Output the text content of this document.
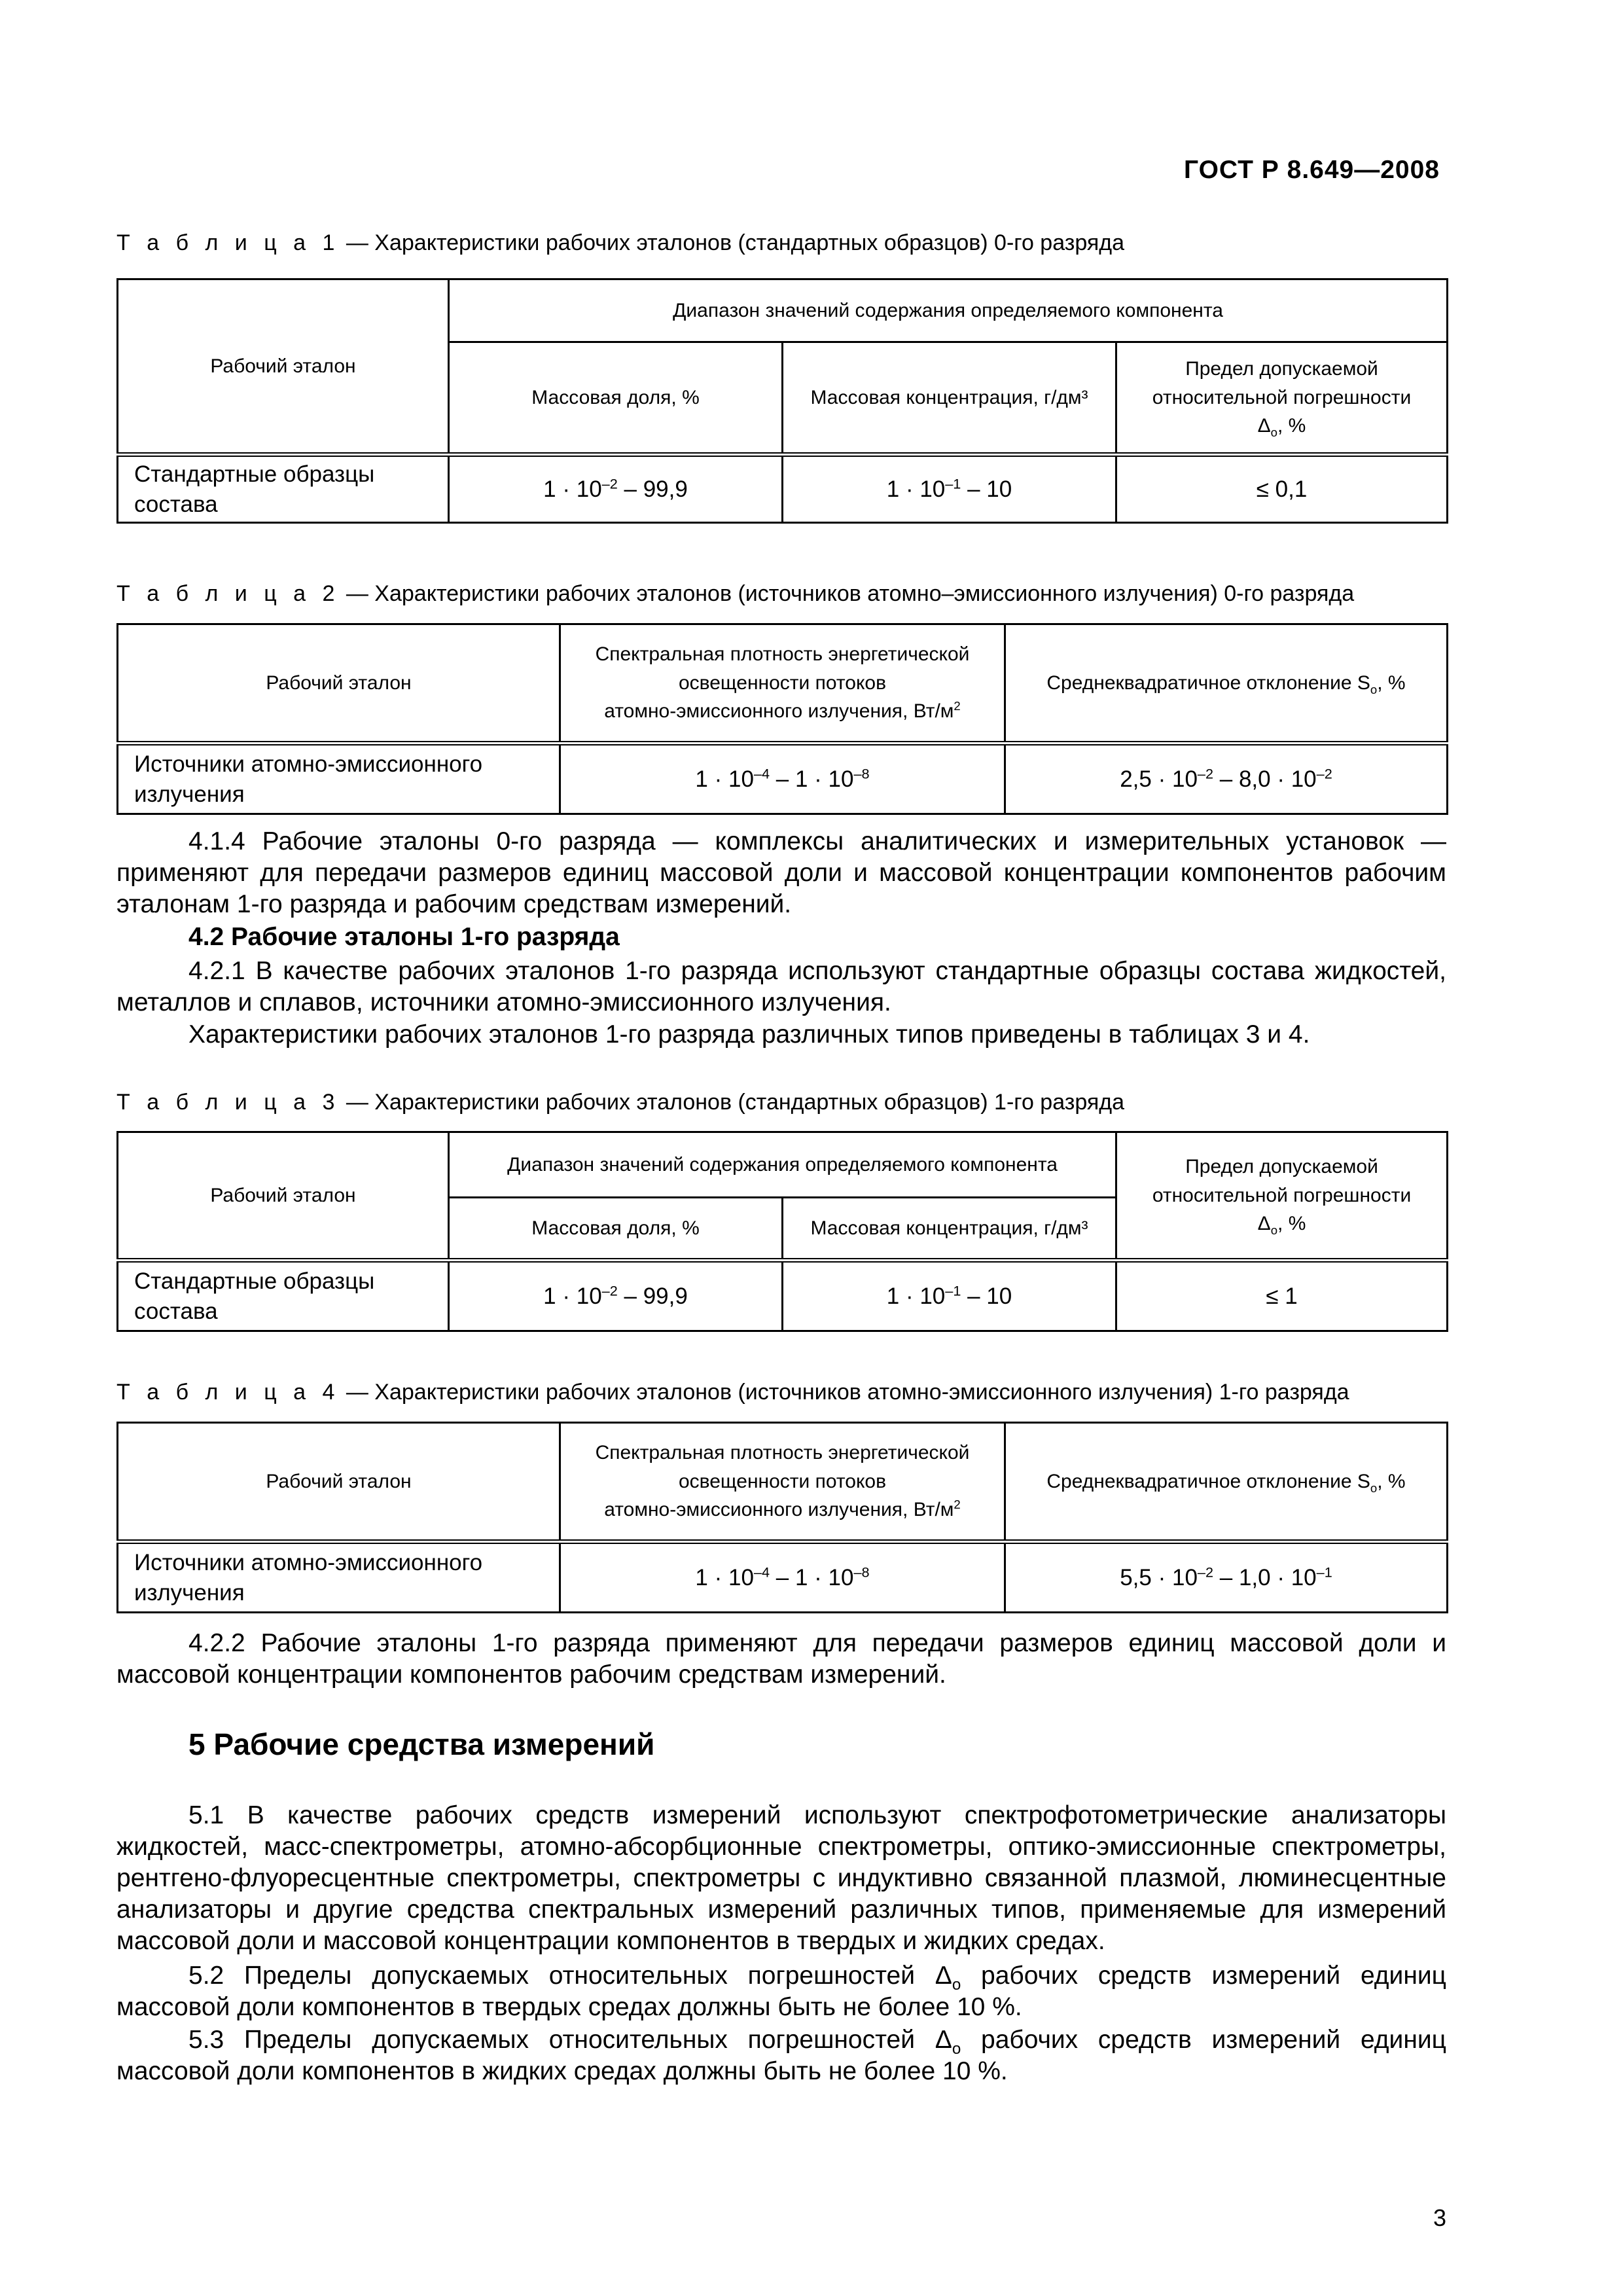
ГОСТ Р 8.649—2008
Т а б л и ц а 1 — Характеристики рабочих эталонов (стандартных образцов) 0-го разряда
Рабочий эталон	Диапазон значений содержания определяемого компонента		
	Массовая доля, %	Массовая концентрация, г/дм³	Предел допускаемой
относительной погрешности
$\Delta_о$, %
Стандартные образцы состава	$1 \cdot 10^{-2} - 99,9$	$1 \cdot 10^{-1} - 10$	≤ 0,1
Т а б л и ц а 2 — Характеристики рабочих эталонов (источников атомно–эмиссионного излучения) 0-го разряда
Рабочий эталон	Спектральная плотность энергетической
освещенности потоков
атомно-эмиссионного излучения, $Вт/м^2$	Среднеквадратичное отклонение $S_о$, %
Источники атомно-эмиссионного излучения	$1 \cdot 10^{-4} - 1 \cdot 10^{-8}$	$2,5 \cdot 10^{-2} - 8,0 \cdot 10^{-2}$
4.1.4 Рабочие эталоны 0-го разряда — комплексы аналитических и измерительных установок — применяют для передачи размеров единиц массовой доли и массовой концентрации компонентов рабочим эталонам 1-го разряда и рабочим средствам измерений.
4.2 Рабочие эталоны 1-го разряда
4.2.1 В качестве рабочих эталонов 1-го разряда используют стандартные образцы состава жидкостей, металлов и сплавов, источники атомно-эмиссионного излучения.
Характеристики рабочих эталонов 1-го разряда различных типов приведены в таблицах 3 и 4.
Т а б л и ц а 3 — Характеристики рабочих эталонов (стандартных образцов) 1-го разряда
Рабочий эталон	Диапазон значений содержания определяемого компонента		Предел допускаемой
относительной погрешности
$\Delta_о$, %
	Массовая доля, %	Массовая концентрация, г/дм³	
Стандартные образцы состава	$1 \cdot 10^{-2} - 99,9$	$1 \cdot 10^{-1} - 10$	≤ 1
Т а б л и ц а 4 — Характеристики рабочих эталонов (источников атомно-эмиссионного излучения) 1-го разряда
Рабочий эталон	Спектральная плотность энергетической
освещенности потоков
атомно-эмиссионного излучения, $Вт/м^2$	Среднеквадратичное отклонение $S_о$, %
Источники атомно-эмиссионного излучения	$1 \cdot 10^{-4} - 1 \cdot 10^{-8}$	$5,5 \cdot 10^{-2} - 1,0 \cdot 10^{-1}$
4.2.2 Рабочие эталоны 1-го разряда применяют для передачи размеров единиц массовой доли и массовой концентрации компонентов рабочим средствам измерений.
5 Рабочие средства измерений
5.1 В качестве рабочих средств измерений используют спектрофотометрические анализаторы жидкостей, масс-спектрометры, атомно-абсорбционные спектрометры, оптико-эмиссионные спектрометры, рентгено-флуоресцентные спектрометры, спектрометры с индуктивно связанной плазмой, люминесцентные анализаторы и другие средства спектральных измерений различных типов, применяемые для измерений массовой доли и массовой концентрации компонентов в твердых и жидких средах.
5.2 Пределы допускаемых относительных погрешностей $\Delta_о$ рабочих средств измерений единиц массовой доли компонентов в твердых средах должны быть не более 10 %.
5.3 Пределы допускаемых относительных погрешностей $\Delta_о$ рабочих средств измерений единиц массовой доли компонентов в жидких средах должны быть не более 10 %.
3
